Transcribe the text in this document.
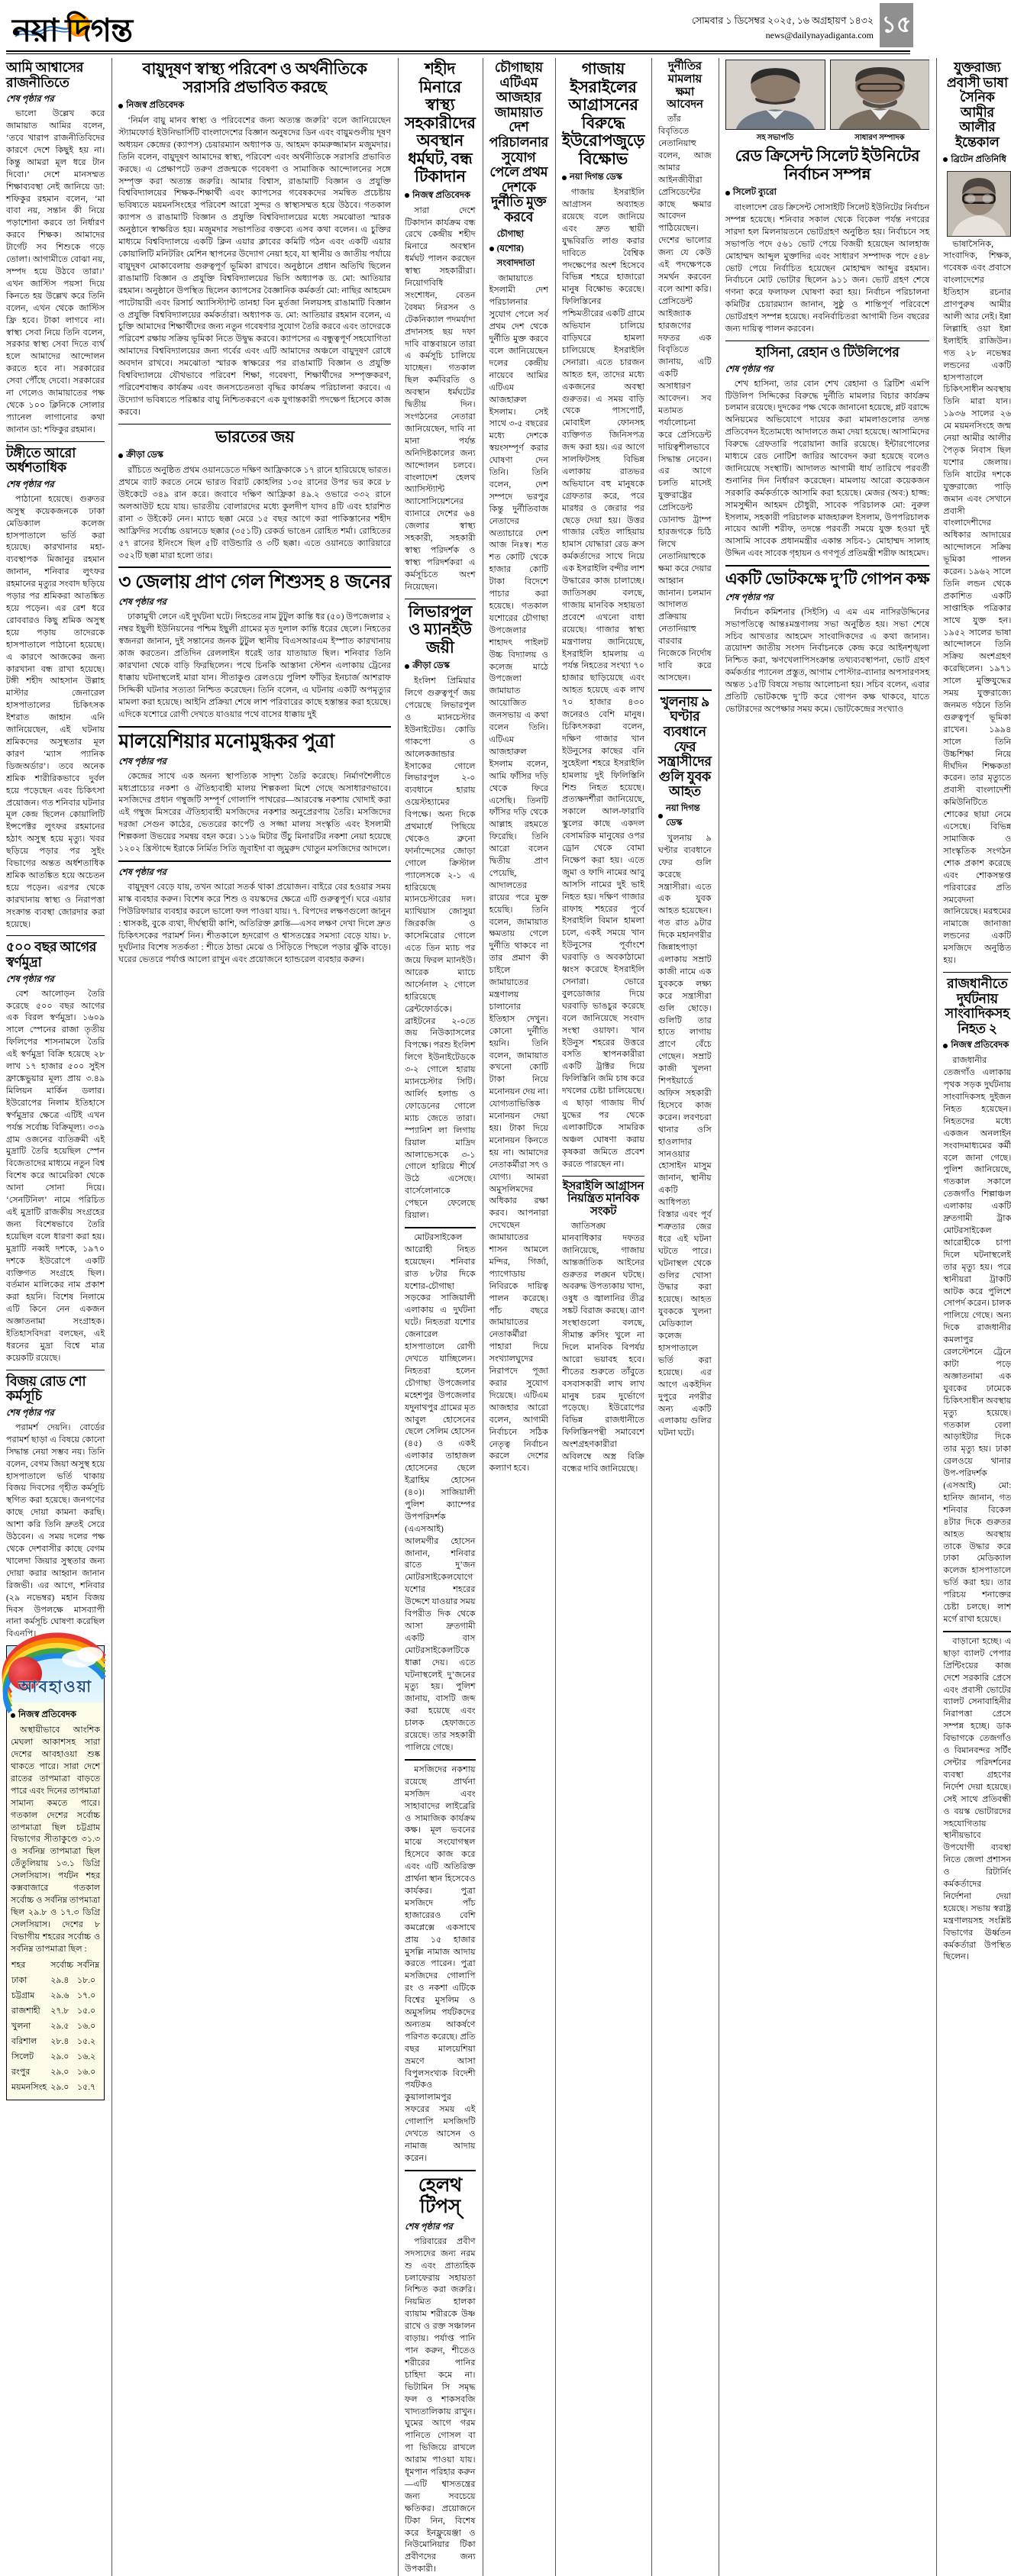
নয়া দিগন্ত	সোমবার ১ ডিসেম্বর ২০২৫, ১৬ অগ্রহায়ণ ১৪৩২
news@dailynayadiganta.com ১৫
আমি আশ্বাসের রাজনীতিতে
শেষ পৃষ্ঠার পর
ভালো উল্লেখ করে জামায়াত আমির বলেন, ‘তবে খারাপ রাজনীতিবিদের কারণে দেশে কিছুই হয় না। কিন্তু আমরা মূল ধরে টান দিবো।’ দেশে মানসম্মত শিক্ষাব্যবস্থা নেই জানিয়ে ডা: শফিকুর রহমান বলেন, ‘মা বাবা নয়, সন্তান কী নিয়ে পড়াশোনা করবে তা নির্ধারণ করবে শিক্ষক। আমাদের টার্গেট সব শিশুকে গড়ে তোলা। আগামীতে বোঝা নয়, সম্পদ হয়ে উঠবে তারা।’ এখন জাস্টিস পয়সা দিয়ে কিনতে হয় উল্লেখ করে তিনি বলেন, এখন থেকে জাস্টিস ফ্রি হবে। টাকা লাগবে না। স্বাস্থ্য সেবা নিয়ে তিনি বলেন, সরকার স্বাস্থ্য সেবা দিতে ব্যর্থ হলে আমাদের আন্দোলন করতে হবে না। সরকারের সেবা পৌঁছে দেবো। সরকারের না গেলেও জামায়াতের পক্ষ থেকে ১০০ ক্লিনিকে সোলার প্যানেল লাগানোর কথা জানান ডা: শফিকুর রহমান।
টঙ্গীতে আরো অর্ধশতাধিক
শেষ পৃষ্ঠার পর
পাঠানো হয়েছে। গুরুতর অসুস্থ কয়েকজনকে ঢাকা মেডিক্যাল কলেজ হাসপাতালে ভর্তি করা হয়েছে। কারখানার মহা-ব্যবস্থাপক মিজানুর রহমান জানান, শনিবার লুৎফর রহমানের মৃত্যুর সংবাদ ছড়িয়ে পড়ার পর শ্রমিকরা আতঙ্কিত হয়ে পড়েন। এর রেশ ধরে রোববারও কিছু শ্রমিক অসুস্থ হয়ে পড়ায় তাদেরকে হাসপাতালে পাঠানো হয়েছে। এ কারণে আজকের জন্য কারখানা বন্ধ রাখা হয়েছে। টঙ্গী শহীদ আহসান উল্লাহ মাস্টার জেনারেল হাসপাতালের চিকিৎসক ইশরাত জাহান এনি জানিয়েছেন, এই ঘটনায় শ্রমিকদের অসুস্থতার মূল কারণ ‘ম্যাস প্যানিক ডিজঅর্ডার’। তবে অনেক শ্রমিক শারীরিকভাবে দুর্বল হয়ে পড়েছেন এবং চিকিৎসা প্রয়োজন। গত শনিবার ঘটনার মূল কেন্দ্র ছিলেন কোয়ালিটি ইন্সপেক্টর লুৎফর রহমানের হঠাৎ অসুস্থ হয়ে মৃত্যু। খবর ছড়িয়ে পড়ার পর সুইং বিভাগের অন্তত অর্ধশতাধিক শ্রমিক আতঙ্কিত হয়ে অচেতন হয়ে পড়েন। এরপর থেকে কারখানায় স্বাস্থ্য ও নিরাপত্তা সংক্রান্ত ব্যবস্থা জোরদার করা হয়েছে।
৫০০ বছর আগের স্বর্ণমুদ্রা
শেষ পৃষ্ঠার পর
বেশ আলোড়ন তৈরি করেছে ৫০০ বছর আগের এক বিরল স্বর্ণমুদ্রা। ১৬০৯ সালে স্পেনের রাজা তৃতীয় ফিলিপের শাসনামলে তৈরি এই স্বর্ণমুদ্রা বিক্রি হয়েছে ২৮ লাখ ১৭ হাজার ৫০০ সুইস ফ্রাঙ্কেভুয়ার মূল্য প্রায় ৩.৪৯ মিলিয়ন মার্কিন ডলার। ইউরোপের নিলাম ইতিহাসে স্বর্ণমুদ্রার ক্ষেত্রে এটিই এখন পর্যন্ত সর্বোচ্চ বিক্রিমূল্য। ৩৩৯ গ্রাম ওজনের ব্যতিক্রমী এই মুদ্রাটি তৈরি হয়েছিল স্পেন বিজেতাদের মাধ্যমে নতুন বিশ্ব বিশেষ করে আমেরিকা থেকে আনা সোনা দিয়ে। ‘সেনটিনিল’ নামে পরিচিত এই মুদ্রাটি রাজকীয় সংগ্রহের জন্য বিশেষভাবে তৈরি হয়েছিল বলে ধারণা করা হয়। মুদ্রাটি নব্বই দশকে, ১৯৭০ দশকে ইউরোপে একটি ব্যক্তিগত সংগ্রহে ছিল। বর্তমান মালিকের নাম প্রকাশ করা হয়নি। বিশেষ নিলামে এটি কিনে নেন একজন অজ্ঞাতনামা সংগ্রাহক। ইতিহাসবিদরা বলছেন, এই ধরনের মুদ্রা বিশ্বে মাত্র কয়েকটি রয়েছে।
বিজয় রোড শো কর্মসূচি
শেষ পৃষ্ঠার পর
পরামর্শ দেয়নি। বোর্ডের পরামর্শ ছাড়া এ বিষয়ে কোনো সিদ্ধান্ত নেয়া সম্ভব নয়। তিনি বলেন, বেগম জিয়া অসুস্থ হয়ে হাসপাতালে ভর্তি থাকায় বিজয় দিবসের গৃহীত কর্মসূচি স্থগিত করা হয়েছে। জনগণের কাছে দোয়া কামনা করছি। আশা করি তিনি দ্রুতই সেরে উঠবেন। এ সময় দলের পক্ষ থেকে দেশবাসীর কাছে বেগম খালেদা জিয়ার সুস্থতার জন্য দোয়া করার আহ্বান জানান রিজভী। এর আগে, শনিবার (২৯ নভেম্বর) মহান বিজয় দিবস উপলক্ষে মাসব্যাপী নানা কর্মসূচি ঘোষণা করেছিল বিএনপি।
আবহাওয়া
নিজস্ব প্রতিবেদক
অস্থায়ীভাবে আংশিক মেঘলা আকাশসহ সারা দেশের আবহাওয়া শুষ্ক থাকতে পারে। সারা দেশে রাতের তাপমাত্রা বাড়তে পারে এবং দিনের তাপমাত্রা সামান্য কমতে পারে। গতকাল দেশের সর্বোচ্চ তাপমাত্রা ছিল চট্টগ্রাম বিভাগের সীতাকুণ্ডে ৩১.৩ ও সর্বনিম্ন তাপমাত্রা ছিল তেঁতুলিয়ায় ১৩.১ ডিগ্রি সেলসিয়াস। পর্যটন শহর কক্সবাজারে গতকাল সর্বোচ্চ ও সর্বনিম্ন তাপমাত্রা ছিল ২৯.৮ ও ১৭.৩ ডিগ্রি সেলসিয়াস। দেশের ৮ বিভাগীয় শহরের সর্বোচ্চ ও সর্বনিম্ন তাপমাত্রা ছিল :
শহর	সর্বোচ্চ	সর্বনিম্ন
ঢাকা	২৯.৪	১৮.০
চট্টগ্রাম	২৯.৬	১৭.০
রাজশাহী	২৭.৮	১৫.০
খুলনা	২৯.৫	১৬.০
বরিশাল	২৮.৪	১৫.২
সিলেট	২৯.০	১৬.২
রংপুর	২৯.০	১৬.০
ময়মনসিংহ	২৯.০	১৫.৭
বায়ুদূষণ স্বাস্থ্য পরিবেশ ও অর্থনীতিকে সরাসরি প্রভাবিত করছে
নিজস্ব প্রতিবেদক
‘নির্মল বায়ু মানব স্বাস্থ্য ও পরিবেশের জন্য অত্যন্ত জরুরি’ বলে জানিয়েছেন স্ট্যামফোর্ড ইউনিভার্সিটি বাংলাদেশের বিজ্ঞান অনুষদের ডিন এবং বায়ুমণ্ডলীয় দূষণ অধ্যয়ন কেন্দ্রের (ক্যাপস) চেয়ারম্যান অধ্যাপক ড. আহমদ কামরুজ্জামান মজুমদার। তিনি বলেন, বায়ুদূষণ আমাদের স্বাস্থ্য, পরিবেশ এবং অর্থনীতিকে সরাসরি প্রভাবিত করছে। এ প্রেক্ষাপটে তরুণ প্রজন্মকে গবেষণা ও সামাজিক আন্দোলনের সঙ্গে সম্পৃক্ত করা অত্যন্ত জরুরি। আমার বিশ্বাস, রাঙামাটি বিজ্ঞান ও প্রযুক্তি বিশ্ববিদ্যালয়ের শিক্ষক-শিক্ষার্থী এবং ক্যাপসের গবেষকদের সমন্বিত প্রচেষ্টায় ভবিষ্যতে ময়মনসিংহের পরিবেশ আরো সুন্দর ও স্বাস্থ্যসম্মত হয়ে উঠবে। গতকাল ক্যাপস ও রাঙামাটি বিজ্ঞান ও প্রযুক্তি বিশ্ববিদ্যালয়ের মধ্যে সমঝোতা স্মারক অনুষ্ঠানে স্বাক্ষরিত হয়। মজুমদার সভাপতির বক্তব্যে এসব কথা বলেন। এ চুক্তির মাধ্যমে বিশ্ববিদ্যালয়ে একটি ক্লিন এয়ার ক্লাবের কমিটি গঠন এবং একটি এয়ার কোয়ালিটি মনিটরিং মেশিন স্থাপনের উদ্যোগ নেয়া হবে, যা স্থানীয় ও জাতীয় পর্যায়ে বায়ুদূষণ মোকাবেলায় গুরুত্বপূর্ণ ভূমিকা রাখবে। অনুষ্ঠানে প্রধান অতিথি ছিলেন রাঙামাটি বিজ্ঞান ও প্রযুক্তি বিশ্ববিদ্যালয়ের ভিসি অধ্যাপক ড. মো: আতিয়ার রহমান। অনুষ্ঠানে উপস্থিত ছিলেন ক্যাপসের বৈজ্ঞানিক কর্মকর্তা মো: নাছির আহমেদ পাটোয়ারী এবং রিসার্চ অ্যাসিস্ট্যান্ট তানহা বিন মুর্তজা নিলয়সহ রাঙামাটি বিজ্ঞান ও প্রযুক্তি বিশ্ববিদ্যালয়ের কর্মকর্তারা। অধ্যাপক ড. মো: আতিয়ার রহমান বলেন, এ চুক্তি আমাদের শিক্ষার্থীদের জন্য নতুন গবেষণার সুযোগ তৈরি করবে এবং তাদেরকে পরিবেশ রক্ষায় সক্রিয় ভূমিকা নিতে উদ্বুদ্ধ করবে। ক্যাপসের এ বন্ধুত্বপূর্ণ সহযোগিতা আমাদের বিশ্ববিদ্যালয়ের জন্য গর্বের এবং এটি আমাদের অঞ্চলে বায়ুদূষণ রোধে অবদান রাখবে। সমঝোতা স্মারক স্বাক্ষরের পর রাঙামাটি বিজ্ঞান ও প্রযুক্তি বিশ্ববিদ্যালয়ে যৌথভাবে পরিবেশ শিক্ষা, গবেষণা, শিক্ষার্থীদের সম্পৃক্তকরণ, পরিবেশবান্ধব কার্যক্রম এবং জনসচেতনতা বৃদ্ধির কার্যক্রম পরিচালনা করবে। এ উদ্যোগ ভবিষ্যতে পরিষ্কার বায়ু নিশ্চিতকরণে এক যুগান্তকারী পদক্ষেপ হিসেবে কাজ করবে।
ভারতের জয়
ক্রীড়া ডেস্ক
রাঁচিতে অনুষ্ঠিত প্রথম ওয়ানডেতে দক্ষিণ আফ্রিকাকে ১৭ রানে হারিয়েছে ভারত। প্রথমে ব্যাট করতে নেমে ভারত বিরাট কোহলির ১৩৫ রানের উপর ভর করে ৮ উইকেটে ৩৪৯ রান করে। জবাবে দক্ষিণ আফ্রিকা ৪৯.২ ওভারে ৩৩২ রানে অলআউট হয়ে যায়। ভারতীয় বোলারদের মধ্যে কুলদীপ যাদব ৪টি এবং হারশিত রানা ৩ উইকেট নেন। ম্যাচে ছক্কা মেরে ১৫ বছর আগে করা পাকিস্তানের শহীদ আফ্রিদির সর্বোচ্চ ওয়ানডে ছক্কার (৩৫১টি) রেকর্ড ভাঙেন রোহিত শর্মা। রোহিতের ৫৭ রানের ইনিংসে ছিল ৫টি বাউন্ডারি ও ৩টি ছক্কা। এতে ওয়ানডে ক্যারিয়ারে ৩৫২টি ছক্কা মারা হলো তার।
৩ জেলায় প্রাণ গেল শিশুসহ ৪ জনের
শেষ পৃষ্ঠার পর
ঢাকামুখী লেনে এই দুর্ঘটনা ঘটে। নিহতের নাম টুটুল কান্তি ধর (৫০) উপজেলার ২ নম্বর ইছুলী ইউনিয়নের পশ্চিম ইছুলী গ্রামের মৃত দুলাল কান্তি ধরের ছেলে। নিহতের স্বজনরা জানান, দুই সন্তানের জনক টুটুল স্থানীয় বিএসআরএম ইস্পাত কারখানায় কাজ করতেন। প্রতিদিন রেললাইন ধরেই তার যাতায়াত ছিল। শনিবার তিনি কারখানা থেকে বাড়ি ফিরছিলেন। পথে চিনকি আস্তানা স্টেশন এলাকায় ট্রেনের ধাক্কায় ঘটনাস্থলেই মারা যান। সীতাকুণ্ড রেলওয়ে পুলিশ ফাঁড়ির ইনচার্জ আশরাফ সিদ্দিকী ঘটনার সত্যতা নিশ্চিত করেছেন। তিনি বলেন, এ ঘটনায় একটি অপমৃত্যুর মামলা করা হয়েছে। আইনি প্রক্রিয়া শেষে লাশ পরিবারের কাছে হস্তান্তর করা হয়েছে। এদিকে যশোরে রোগী দেখতে যাওয়ার পথে বাসের ধাক্কায় দুই
মালয়েশিয়ার মনোমুগ্ধকর পুত্রা
শেষ পৃষ্ঠার পর
কেন্দ্রের সাথে এক অনন্য স্থাপত্যিক সাদৃশ্য তৈরি করেছে। নির্মাণশৈলীতে মধ্যপ্রাচ্যের নকশা ও ঐতিহ্যবাহী মালয় শিল্পকলা মিশে গেছে অসাধারণভাবে। মসজিদের প্রধান গম্বুজটি সম্পূর্ণ গোলাপি পাথরের—আরবেস্ক নকশায় খোদাই করা এই গম্বুজ মিসরের ঐতিহ্যবাহী মসজিদের নকশার অনুপ্রেরণায় তৈরি। মসজিদের দরজা সেগুন কাঠের, ভেতরের কার্পেট ও সজ্জা মালয় সংস্কৃতি এবং ইসলামী শিল্পকলা উভয়ের সমন্বয় বহন করে। ১১৬ মিটার উঁচু মিনারটির নকশা নেয়া হয়েছে ১২০২ খ্রিস্টাব্দে ইরাকে নির্মিত সিতি জুবাইদা বা জুমুরুদ খোতুন মসজিদের আদলে।
শেষ পৃষ্ঠার পর
বায়ুদূষণ বেড়ে যায়, তখন আরো সতর্ক থাকা প্রয়োজন। বাইরে বের হওয়ার সময় মাস্ক ব্যবহার করুন। বিশেষ করে শিশু ও বয়স্কদের ক্ষেত্রে এটি গুরুত্বপূর্ণ। ঘরে এয়ার পিউরিফায়ার ব্যবহার করলে ভালো ফল পাওয়া যায়। ৭. বিপদের লক্ষণগুলো জানুন : শ্বাসকষ্ট, বুকে ব্যথা, দীর্ঘস্থায়ী কাশি, অতিরিক্ত ক্লান্তি—এসব লক্ষণ দেখা দিলে দ্রুত চিকিৎসকের পরামর্শ নিন। শীতকালে হৃদরোগ ও শ্বাসতন্ত্রের সমস্যা বেড়ে যায়। ৮. দুর্ঘটনার বিশেষ সতর্কতা : শীতে ঠান্ডা মেঝে ও সিঁড়িতে পিছলে পড়ার ঝুঁকি বাড়ে। ঘরের ভেতরে পর্যাপ্ত আলো রাখুন এবং প্রয়োজনে হ্যান্ডরেল ব্যবহার করুন।
শহীদ মিনারে স্বাস্থ্য সহকারীদের অবস্থান ধর্মঘট, বন্ধ টিকাদান
নিজস্ব প্রতিবেদক
সারা দেশে টিকাদান কার্যক্রম বন্ধ রেখে কেন্দ্রীয় শহীদ মিনারে অবস্থান ধর্মঘট পালন করছেন স্বাস্থ্য সহকারীরা। নিয়োগবিধি সংশোধন, বেতন বৈষম্য নিরসন ও টেকনিক্যাল পদমর্যাদা প্রদানসহ ছয় দফা দাবি বাস্তবায়নে তারা এ কর্মসূচি চালিয়ে যাচ্ছেন। গতকাল ছিল কর্মবিরতি ও অবস্থান ধর্মঘটের দ্বিতীয় দিন। সংগঠনের নেতারা জানিয়েছেন, দাবি না মানা পর্যন্ত অনিদিষ্টকালের জন্য আন্দোলন চলবে। বাংলাদেশ হেলথ অ্যাসিস্ট্যান্ট অ্যাসোসিয়েশনের ব্যানারে দেশের ৬৪ জেলার স্বাস্থ্য সহকারী, সহকারী স্বাস্থ্য পরিদর্শক ও স্বাস্থ্য পরিদর্শকরা এ কর্মসূচিতে অংশ নিয়েছেন।
লিভারপুল ও ম্যানইউ জয়ী
ক্রীড়া ডেস্ক
ইংলিশ প্রিমিয়ার লিগে গুরুত্বপূর্ণ জয় পেয়েছে লিভারপুল ও ম্যানচেস্টার ইউনাইটেড। কোডি গাকপো ও আলেকজান্ডার ইসাকের গোলে লিভারপুল ২-০ ব্যবধানে হারায় ওয়েস্টহ্যামের বিপক্ষে। অন্য দিকে প্রথমার্ধে পিছিয়ে থেকেও ব্রুনো ফার্নান্দেসের জোড়া গোলে ক্রিস্টাল প্যালেসকে ২-১ এ হারিয়েছে ম্যানচেস্টারের দল। ম্যাথিয়াস জোসুয়া জিরকজি ও কাসেমিরোর গোলে এতে তিন ম্যাচ পর জয়ে ফিরল ম্যানইউ। আরেক ম্যাচে আর্সেনাল ২ গোলে হারিয়েছে ব্রেন্টফোর্ডকে। ব্রাইটনের ২-০তে জয় নিউক্যাসলের বিপক্ষে। পরশু ইংলিশ লিগে ইউনাইটেডকে ৩-২ গোলে হারায় ম্যানচেস্টার সিটি। আর্লিং হলান্ড ও ফোডেনের গোলে ম্যাচ জেতে তারা। স্প্যানিশ লা লিগায় রিয়াল মাদ্রিদ আলাভেসকে ৩-১ গোলে হারিয়ে শীর্ষে উঠে এসেছে। বার্সেলোনাকে পেছনে ফেলেছে রিয়াল।
মোটরসাইকেল আরোহী নিহত হয়েছেন। শনিবার রাত ৮টার দিকে যশোর-চৌগাছা সড়কের সাজিয়ালী এলাকায় এ দুর্ঘটনা ঘটে। নিহতরা যশোর জেনারেল হাসপাতালে রোগী দেখতে যাচ্ছিলেন। নিহতরা হলেন চৌগাছা উপজেলার মহেশপুর উপজেলার যদুনাথপুর গ্রামের মৃত আবুল হোসেনের ছেলে সেলিম হোসেন (৪৫) ও একই এলাকার তাহাজল হোসেনের ছেলে ইব্রাহিম হোসেন (৪০)। সাজিয়ালী পুলিশ ক্যাম্পের উপপরিদর্শক (এএসআই) আলমগীর হোসেন জানান, শনিবার রাতে দু’জন মোটরসাইকেলযোগে যশোর শহরের উদ্দেশে যাওয়ার সময় বিপরীত দিক থেকে আসা দ্রুতগামী একটি বাস মোটরসাইকেলটিকে ধাক্কা দেয়। এতে ঘটনাস্থলেই দু’জনের মৃত্যু হয়। পুলিশ জানায়, বাসটি জব্দ করা হয়েছে এবং চালক হেফাজতে রয়েছে। তার সহকারী পালিয়ে গেছে।
মসজিদের নকশায় রয়েছে প্রার্থনা মসজিদ এবং সাহাবাদের লাইব্রেরি ও সামাজিক কার্যক্রম কক্ষ। মূল ভবনের মাঝে সংযোগস্থল হিসেবে কাজ করে এবং এটি অতিরিক্ত প্রার্থনা স্থান হিসেবেও কার্যকর। পুত্রা মসজিদে পাঁচ হাজারেরও বেশি কমপ্লেক্সে একসাথে প্রায় ১৫ হাজার মুসল্লি নামাজ আদায় করতে পারেন। পুত্রা মসজিদের গোলাপি রং ও নকশা এটিকে বিশ্বের মুসলিম ও অমুসলিম পর্যটকদের অন্যতম আকর্ষণে পরিণত করেছে। প্রতি বছর মালয়েশিয়া ভ্রমণে আসা বিপুলসংখ্যক বিদেশী পর্যটকও কুয়ালালামপুর সফরের সময় এই গোলাপি মসজিদটি দেখতে আসেন ও নামাজ আদায় করেন।
হেলথ টিপস্
শেষ পৃষ্ঠার পর
পরিবারের প্রবীণ সদস্যদের জন্য নরম শু এবং প্রাত্যহিক চলাফেরায় সহায়তা নিশ্চিত করা জরুরি। নিয়মিত হালকা ব্যায়াম শরীরকে উষ্ণ রাখে ও রক্ত সঞ্চালন বাড়ায়। পর্যাপ্ত পানি পান করুন, শীতেও শরীরের পানির চাহিদা কমে না। ভিটামিন সি সমৃদ্ধ ফল ও শাকসবজি খাদ্যতালিকায় রাখুন। ঘুমের আগে গরম পানিতে গোসল বা পা ভিজিয়ে রাখলে আরাম পাওয়া যায়। ধূমপান পরিহার করুন—এটি শ্বাসতন্ত্রের জন্য সবচেয়ে ক্ষতিকর। প্রয়োজনে টিকা নিন, বিশেষ করে ইনফ্লুয়েঞ্জা ও নিউমোনিয়ার টিকা প্রবীণদের জন্য উপকারী।
চৌগাছায় এটিএম আজহার জামায়াত দেশ পরিচালনার সুযোগ পেলে প্রথম দেশকে দুর্নীতি মুক্ত করবে
চৌগাছা (যশোর) সংবাদদাতা
জামায়াতে ইসলামী দেশ পরিচালনার সুযোগ পেলে সর্ব প্রথম দেশ থেকে দুর্নীতি মুক্ত করবে বলে জানিয়েছেন দলের কেন্দ্রীয় নায়েবে আমির এটিএম আজহারুল ইসলাম। সেই সাথে ৩-৫ বছরের মধ্যে দেশকে স্বয়ংসম্পূর্ণ করার ঘোষণা দেন তিনি। তিনি বলেন, দেশ সম্পদে ভরপুর কিন্তু দুর্নীতিবাজ নেতাদের অত্যাচারে দেশ আজ নিঃস্ব। শত শত কোটি থেকে হাজার কোটি টাকা বিদেশে পাচার করা হয়েছে। গতকাল যশোরের চৌগাছা উপজেলার শাহাদৎ পাইলট উচ্চ বিদ্যালয় ও কলেজ মাঠে উপজেলা জামায়াত আয়োজিত জনসভায় এ কথা বলেন তিনি। এটিএম আজহারুল ইসলাম বলেন, আমি ফাঁসির দড়ি থেকে ফিরে এসেছি। তিনটি ফাঁসির দড়ি থেকে আল্লাহ রহমতে ফিরেছি। তিনি আরো বলেন দ্বিতীয় প্রাণ পেয়েছি, আদালতের রায়ের পরে মুক্ত হয়েছি। তিনি বলেন, জামায়াত ক্ষমতায় গেলে দুর্নীতি থাকবে না তার প্রমাণ কী চাইলে জামায়াতের মন্ত্রণালয় চালানোর ইতিহাস দেখুন। কোনো দুর্নীতি হয়নি। তিনি বলেন, জামায়াত কখনো কোটি টাকা নিয়ে মনোনয়ন দেয় না। যোগ্যতাভিত্তিক মনোনয়ন দেয়া হয়। টাকা দিয়ে মনোনয়ন কিনতে হয় না। আমাদের নেতাকর্মীরা সৎ ও যোগ্য। আমরা অমুসলিমদের অধিকার রক্ষা করব। আপনারা দেখেছেন জামায়াতের শাসন আমলে মন্দির, গির্জা, প্যাগোডায় নিবিরকে দায়িত্ব পালন করেছে। পাঁচ বছরে জামায়াতের নেতাকর্মীরা পাহারা দিয়ে সংখ্যালঘুদের নিরাপদে পূজা করার সুযোগ দিয়েছে। এটিএম আজহার আরো বলেন, আগামী নির্বাচনে সঠিক নেতৃত্ব নির্বাচন করলে দেশের কল্যাণ হবে।
গাজায় ইসরাইলের আগ্রাসনের বিরুদ্ধে ইউরোপজুড়ে বিক্ষোভ
নয়া দিগন্ত ডেস্ক
গাজায় ইসরাইলি আগ্রাসন অব্যাহত রয়েছে বলে জানিয়ে এবং দ্রুত স্থায়ী যুদ্ধবিরতি লাগু করার দাবিতে বৈশ্বিক পদক্ষেপের অংশ হিসেবে বিভিন্ন শহরে হাজারো মানুষ বিক্ষোভ করেছে। ফিলিস্তিনের পশ্চিমতীরের একটি গ্রামে অভিযান চালিয়ে বাড়িঘরে হামলা চালিয়েছে ইসরাইলি সেনারা। এতে চারজন আহত হন, তাদের মধ্যে একজনের অবস্থা গুরুতর। এ সময় বাড়ি থেকে পাসপোর্ট, মোবাইল ফোনসহ ব্যক্তিগত জিনিসপত্র জব্দ করা হয়। এর আগে সালফিটসহ বিভিন্ন এলাকায় রাতভর অভিযানে বহু মানুষকে গ্রেফতার করে, পরে মারধর ও জেরার পর ছেড়ে দেয়া হয়। উত্তর গাজার বেইত লাহিয়ায় হামাস যোদ্ধারা রেড ক্রস কর্মকর্তাদের সাথে নিয়ে এক ইসরাইলি বন্দীর লাশ উদ্ধারের কাজ চালাচ্ছে। জাতিসঙ্ঘ বলছে, গাজায় মানবিক সহায়তা প্রবেশে এখনো বাধা রয়েছে। গাজার স্বাস্থ্য মন্ত্রণালয় জানিয়েছে, ইসরাইলি হামলায় এ পর্যন্ত নিহতের সংখ্যা ৭০ হাজার ছাড়িয়েছে এবং আহত হয়েছে এক লাখ ৭০ হাজার ৪৩০ জনেরও বেশি মানুষ। চিকিৎসকরা বলেন, দক্ষিণ গাজার খান ইউনুসের কাছের বনি সুহেইলা শহরে ইসরাইলি হামলায় দুই ফিলিস্তিনি শিশু নিহত হয়েছে। প্রত্যক্ষদর্শীরা জানিয়েছে, সকালে আল-ফারাবি স্কুলের কাছে একদল বেসামরিক মানুষের ওপর ড্রোন থেকে বোমা নিক্ষেপ করা হয়। এতে জুমা ও ফাদি নামের আবু আসসি নামের দুই ভাই নিহত হয়। দক্ষিণ গাজার রাফাহ শহরের পূর্বে ইসরাইলি বিমান হামলা চলে, একই সময়ে খান ইউনুসের পূর্বাংশে ঘরবাড়ি ও অবকাঠামো ধ্বংস করেছে ইসরাইলি সেনারা। ভোরে বুলডোজার দিয়ে ঘরবাড়ি ভাঙচুর করেছে বলে জানিয়েছে সংবাদ সংস্থা ওয়াফা। খান ইউনুস শহরের উত্তরে বসতি স্থাপনকারীরা একটি ট্রাক্টর দিয়ে ফিলিস্তিনি জমি চাষ করে দখলের চেষ্টা চালিয়েছে। এ ছাড়া গাজায় দীর্ঘ যুদ্ধের পর থেকে এলাকাটিকে সামরিক অঞ্চল ঘোষণা করায় কৃষকরা জমিতে প্রবেশ করতে পারছেন না।
ইসরাইলি আগ্রাসন নিয়ন্ত্রিত মানবিক সংকট
জাতিসঙ্ঘ মানবাধিকার দফতর জানিয়েছে, গাজায় আন্তর্জাতিক আইনের গুরুতর লঙ্ঘন ঘটছে। অবরুদ্ধ উপত্যকায় খাদ্য, ওষুধ ও জ্বালানির তীব্র সঙ্কট বিরাজ করছে। ত্রাণ সংস্থাগুলো বলছে, সীমান্ত ক্রসিং খুলে না দিলে মানবিক বিপর্যয় আরো ভয়াবহ হবে। শীতের শুরুতে তাঁবুতে বসবাসকারী লাখ লাখ মানুষ চরম দুর্ভোগে পড়েছে। ইউরোপের বিভিন্ন রাজধানীতে ফিলিস্তিনপন্থী সমাবেশে অংশগ্রহণকারীরা অবিলম্বে অস্ত্র বিক্রি বন্ধের দাবি জানিয়েছে।
দুর্নীতির মামলায় ক্ষমা আবেদন
তাঁর বিবৃতিতে নেতানিয়াহু বলেন, আজ আমার আইনজীবীরা প্রেসিডেন্টের কাছে ক্ষমার আবেদন পাঠিয়েছেন। দেশের ভালোর জন্য যে কেউ এই পদক্ষেপকে সমর্থন করবেন বলে আশা করি। প্রেসিডেন্ট আইজ্যাক হারজগের দফতর এক বিবৃতিতে জানায়, এটি একটি অসাধারণ আবেদন। সব মতামত পর্যালোচনা করে প্রেসিডেন্ট দায়িত্বশীলভাবে সিদ্ধান্ত নেবেন। এর আগে চলতি মাসেই যুক্তরাষ্ট্রের প্রেসিডেন্ট ডোনাল্ড ট্রাম্প হারজগকে চিঠি লিখে নেতানিয়াহুকে ক্ষমা করে দেয়ার আহ্বান জানান। চলমান আদালত প্রক্রিয়ায় নেতানিয়াহু বারবার নিজেকে নির্দোষ দাবি করে আসছেন।
খুলনায় ৯ ঘণ্টার ব্যবধানে ফের সন্ত্রাসীদের গুলি যুবক আহত
নয়া দিগন্ত ডেস্ক
খুলনায় ৯ ঘণ্টার ব্যবধানে ফের গুলি করেছে সন্ত্রাসীরা। এতে এক যুবক আহত হয়েছেন। গত রাত ৯টার দিকে মহানগরীর জিন্নাহপাড়া এলাকায় সম্রাট কাজী নামে এক যুবককে লক্ষ্য করে সন্ত্রাসীরা গুলি ছোড়ে। গুলিটি তার হাতে লাগায় প্রাণে বেঁচে গেছেন। সম্রাট কাজী খুলনা শিপইয়ার্ডে অফিস সহকারী হিসেবে কাজ করেন। লবণচরা থানার ওসি হাওলাদার সানওয়ার হোসাইন মাসুম জানান, স্থানীয় একটি আধিপত্য বিস্তার এবং পূর্ব শত্রুতার জের ধরে এই ঘটনা ঘটতে পারে। ঘটনাস্থল থেকে গুলির খোসা উদ্ধার করা হয়েছে। আহত যুবককে খুলনা মেডিক্যাল কলেজ হাসপাতালে ভর্তি করা হয়েছে। এর আগে একইদিন দুপুরে নগরীর অন্য একটি এলাকায় গুলির ঘটনা ঘটে।
সহ সভাপতি	সাধারণ সম্পাদক
রেড ক্রিসেন্ট সিলেট ইউনিটের নির্বাচন সম্পন্ন
সিলেট ব্যুরো
বাংলাদেশ রেড ক্রিসেন্ট সোসাইটি সিলেট ইউনিটের নির্বাচন সম্পন্ন হয়েছে। শনিবার সকাল থেকে বিকেল পর্যন্ত নগরের সারদা হল মিলনায়তনে ভোটগ্রহণ অনুষ্ঠিত হয়। নির্বাচনে সহ সভাপতি পদে ৫৬১ ভোট পেয়ে বিজয়ী হয়েছেন আলহাজ মোহাম্মদ আব্দুল মুক্তাদির এবং সাধারণ সম্পাদক পদে ৫৪৮ ভোট পেয়ে নির্বাচিত হয়েছেন মোহাম্মদ আব্দুর রহমান। নির্বাচনে মোট ভোটার ছিলেন ৯১১ জন। ভোট গ্রহণ শেষে গণনা করে ফলাফল ঘোষণা করা হয়। নির্বাচন পরিচালনা কমিটির চেয়ারম্যান জানান, সুষ্ঠু ও শান্তিপূর্ণ পরিবেশে ভোটগ্রহণ সম্পন্ন হয়েছে। নবনির্বাচিতরা আগামী তিন বছরের জন্য দায়িত্ব পালন করবেন।
হাসিনা, রেহান ও টিউলিপের
শেষ পৃষ্ঠার পর
শেখ হাসিনা, তার বোন শেখ রেহানা ও ব্রিটিশ এমপি টিউলিপ সিদ্দিকের বিরুদ্ধে দুর্নীতি মামলার বিচার কার্যক্রম চলমান রয়েছে। দুদকের পক্ষ থেকে জানানো হয়েছে, প্লট বরাদ্দে অনিয়মের অভিযোগে দায়ের করা মামলাগুলোর তদন্ত প্রতিবেদন ইতোমধ্যে আদালতে জমা দেয়া হয়েছে। আসামিদের বিরুদ্ধে গ্রেফতারি পরোয়ানা জারি রয়েছে। ইন্টারপোলের মাধ্যমে রেড নোটিশ জারির আবেদন করা হয়েছে বলেও জানিয়েছে সংস্থাটি। আদালত আগামী ধার্য তারিখে পরবর্তী শুনানির দিন নির্ধারণ করেছেন। মামলায় আরো কয়েকজন সরকারি কর্মকর্তাকে আসামি করা হয়েছে। মেজর (অব:) হাজ্জ: সামসুদ্দীন আহমদ চৌধুরী, সাবেক পরিচালক মো: নুরুল ইসলাম, সহকারী পরিচালক মাজহারুল ইসলাম, উপপরিচালক নায়েব আলী শরীফ, তদন্তে পরবর্তী সময়ে যুক্ত হওয়া দুই আসামি সাবেক প্রধানমন্ত্রীর একান্ত সচিব-১ মোহাম্মদ সালাহ উদ্দিন এবং সাবেক গৃহায়ন ও গণপূর্ত প্রতিমন্ত্রী শরীফ আহমেদ।
একটি ভোটকক্ষে দু’টি গোপন কক্ষ
শেষ পৃষ্ঠার পর
নির্বাচন কমিশনার (সিইসি) এ এম এম নাসিরউদ্দিনের সভাপতিত্বে আন্তঃমন্ত্রণালয় সভা অনুষ্ঠিত হয়। সভা শেষে সচিব আখতার আহমেদ সাংবাদিকদের এ কথা জানান। ত্রয়োদশ জাতীয় সংসদ নির্বাচনকে কেন্দ্র করে আইনশৃঙ্খলা নিশ্চিত করা, ঋণখেলাপিসংক্রান্ত তথ্যব্যবস্থাপনা, ভোট গ্রহণ কর্মকর্তার প্যানেল প্রস্তুত, আগাম পোস্টার-ব্যানার অপসারণসহ অন্তত ১৫টি বিষয়ে সভায় আলোচনা হয়। সচিব বলেন, এবার প্রতিটি ভোটকক্ষে দু’টি করে গোপন কক্ষ থাকবে, যাতে ভোটারদের অপেক্ষার সময় কমে। ভোটকেন্দ্রের সংখ্যাও
যুক্তরাজ্য প্রবাসী ভাষা সৈনিক আমীর আলীর ইন্তেকাল
ব্রিটেন প্রতিনিধি
ভাষাসৈনিক, সাংবাদিক, শিক্ষক, গবেষক এবং প্রবাসে বাংলাদেশের ইতিহাস রচনার প্রাণপুরুষ আমীর আলী আর নেই। ইন্না লিল্লাহি ওয়া ইন্না ইলাইহি রাজিউন। গত ২৮ নভেম্বর লন্ডনের একটি হাসপাতালে চিকিৎসাধীন অবস্থায় তিনি মারা যান। ১৯৩৬ সালের ২৬ মে ময়মনসিংহে জন্ম নেয়া আমীর আলীর পৈতৃক নিবাস ছিল যশোর জেলায়। তিনি ষাটের দশকে যুক্তরাজ্যে পাড়ি জমান এবং সেখানে প্রবাসী বাংলাদেশীদের অধিকার আদায়ের আন্দোলনে সক্রিয় ভূমিকা পালন করেন। ১৯৬২ সালে তিনি লন্ডন থেকে প্রকাশিত একটি সাপ্তাহিক পত্রিকার সাথে যুক্ত হন। ১৯৫২ সালের ভাষা আন্দোলনে তিনি সক্রিয় অংশগ্রহণ করেছিলেন। ১৯৭১ সালে মুক্তিযুদ্ধের সময় যুক্তরাজ্যে জনমত গঠনে তিনি গুরুত্বপূর্ণ ভূমিকা রাখেন। ১৯৯৪ সালে তিনি উচ্চশিক্ষা নিয়ে দীর্ঘদিন শিক্ষকতা করেন। তার মৃত্যুতে প্রবাসী বাংলাদেশী কমিউনিটিতে শোকের ছায়া নেমে এসেছে। বিভিন্ন সামাজিক ও সাংস্কৃতিক সংগঠন শোক প্রকাশ করেছে এবং শোকসন্তপ্ত পরিবারের প্রতি সমবেদনা জানিয়েছে। মরহুমের নামাজে জানাজা লন্ডনের একটি মসজিদে অনুষ্ঠিত হয়।
রাজধানীতে দুর্ঘটনায় সাংবাদিকসহ নিহত ২
নিজস্ব প্রতিবেদক
রাজধানীর তেজগাঁও এলাকায় পৃথক সড়ক দুর্ঘটনায় সাংবাদিকসহ দুইজন নিহত হয়েছেন। নিহতদের মধ্যে একজন অনলাইন সংবাদমাধ্যমের কর্মী বলে জানা গেছে। পুলিশ জানিয়েছে, গতকাল সকালে তেজগাঁও শিল্পাঞ্চল এলাকায় একটি দ্রুতগামী ট্রাক মোটরসাইকেল আরোহীকে চাপা দিলে ঘটনাস্থলেই তার মৃত্যু হয়। পরে স্থানীয়রা ট্রাকটি আটক করে পুলিশে সোপর্দ করেন। চালক পালিয়ে গেছে। অন্য দিকে রাজধানীর কমলাপুর রেলস্টেশনে ট্রেনে কাটা পড়ে অজ্ঞাতনামা এক যুবকের ঢামেকে চিকিৎসাধীন অবস্থায় মৃত্যু হয়েছে। গতকাল বেলা আড়াইটার দিকে তার মৃত্যু হয়। ঢাকা রেলওয়ে থানার উপ-পরিদর্শক (এসআই) মো: হানিফ জানান, গত শনিবার বিকেল ৪টার দিকে গুরুতর আহত অবস্থায় তাকে উদ্ধার করে ঢাকা মেডিক্যাল কলেজ হাসপাতালে ভর্তি করা হয়। তার পরিচয় শনাক্তের চেষ্টা চলছে। লাশ মর্গে রাখা হয়েছে।
বাড়ানো হচ্ছে। এ ছাড়া ব্যালট পেপার প্রিন্টিংয়ের কাজ দেশে সরকারি প্রেসে এবং প্রবাসী ভোটের ব্যালট সেনাবাহিনীর নিরাপত্তা প্রেসে সম্পন্ন হচ্ছে। ডাক বিভাগকে তেজগাঁও ও বিমানবন্দর সর্টিং সেন্টার পরিদর্শনের ব্যবস্থা গ্রহণের নির্দেশ দেয়া হয়েছে। সেই সাথে প্রতিবন্ধী ও বয়স্ক ভোটারদের সহযোগিতায় স্থানীয়ভাবে উপযোগী ব্যবস্থা নিতে জেলা প্রশাসন ও রিটার্নিং কর্মকর্তাদের নির্দেশনা দেয়া হয়েছে। সভায় স্বরাষ্ট্র মন্ত্রণালয়সহ সংশ্লিষ্ট বিভাগের ঊর্ধ্বতন কর্মকর্তারা উপস্থিত ছিলেন।
